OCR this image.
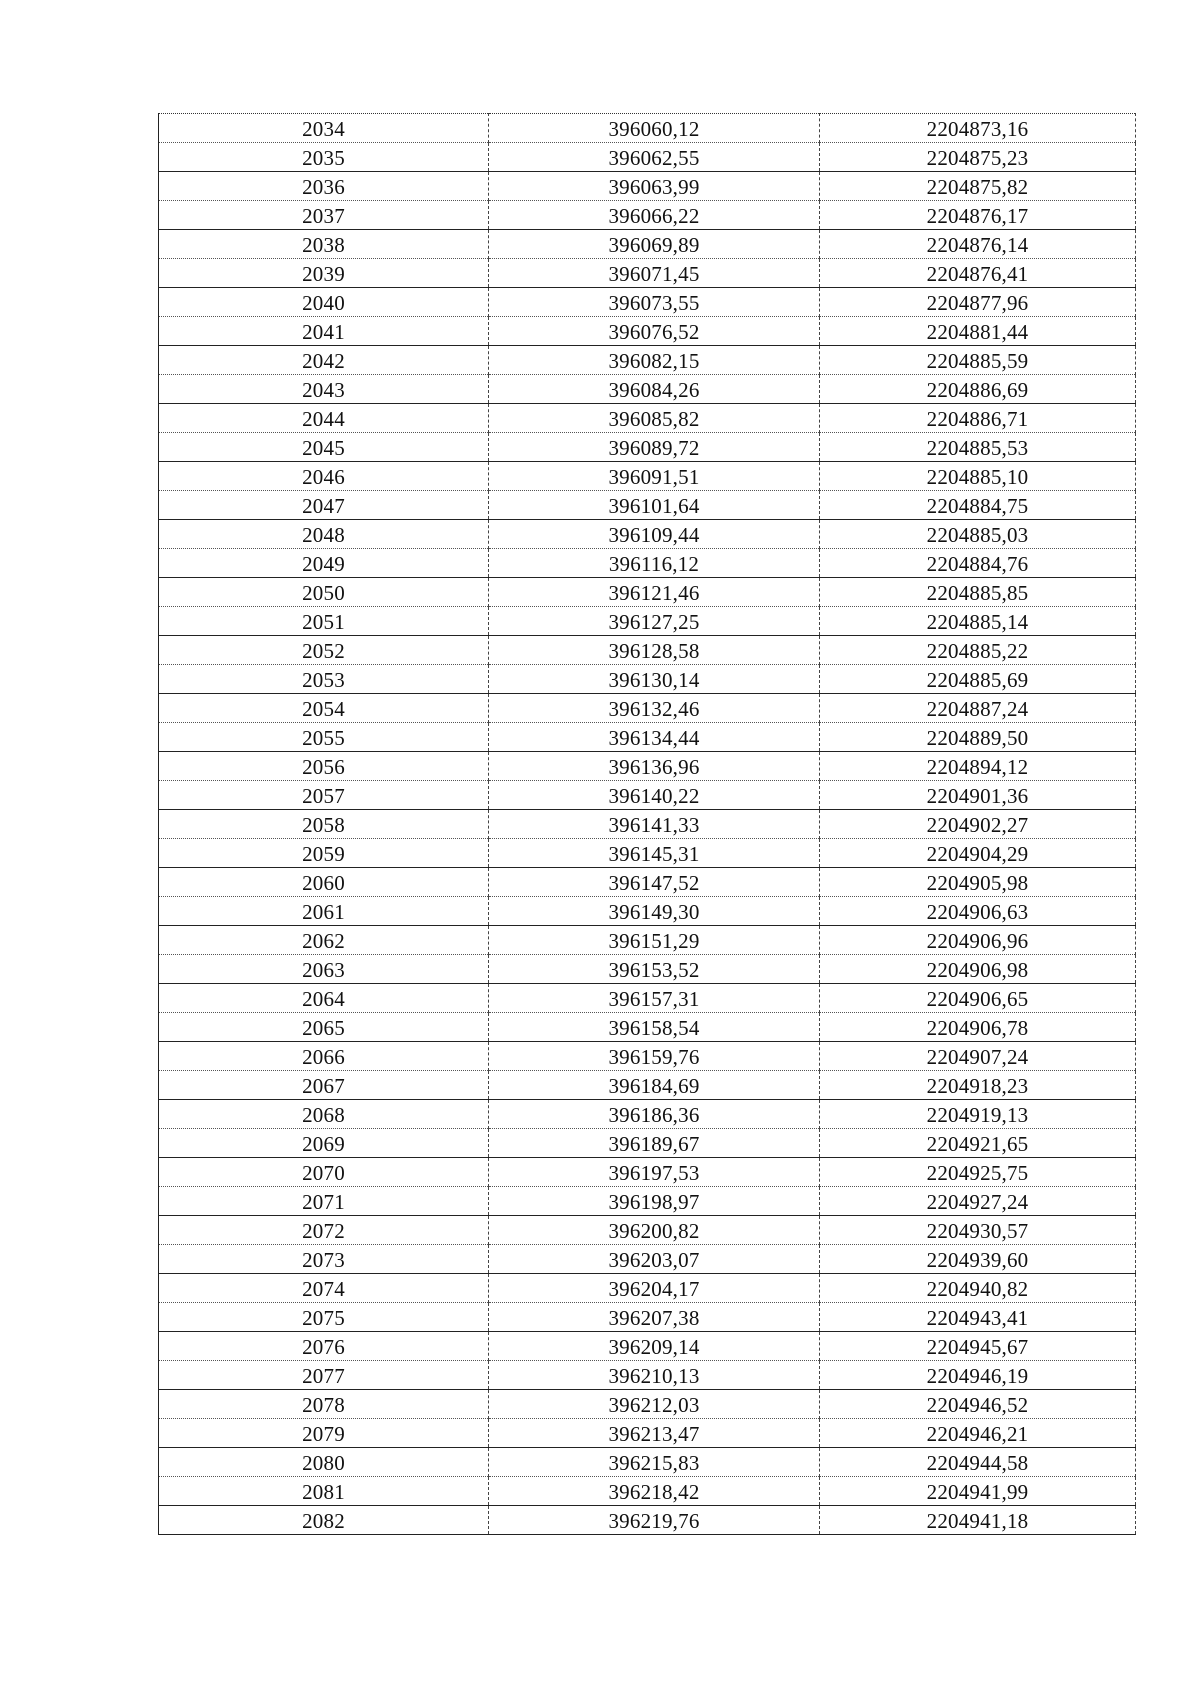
2034	396060,12	2204873,16
2035	396062,55	2204875,23
2036	396063,99	2204875,82
2037	396066,22	2204876,17
2038	396069,89	2204876,14
2039	396071,45	2204876,41
2040	396073,55	2204877,96
2041	396076,52	2204881,44
2042	396082,15	2204885,59
2043	396084,26	2204886,69
2044	396085,82	2204886,71
2045	396089,72	2204885,53
2046	396091,51	2204885,10
2047	396101,64	2204884,75
2048	396109,44	2204885,03
2049	396116,12	2204884,76
2050	396121,46	2204885,85
2051	396127,25	2204885,14
2052	396128,58	2204885,22
2053	396130,14	2204885,69
2054	396132,46	2204887,24
2055	396134,44	2204889,50
2056	396136,96	2204894,12
2057	396140,22	2204901,36
2058	396141,33	2204902,27
2059	396145,31	2204904,29
2060	396147,52	2204905,98
2061	396149,30	2204906,63
2062	396151,29	2204906,96
2063	396153,52	2204906,98
2064	396157,31	2204906,65
2065	396158,54	2204906,78
2066	396159,76	2204907,24
2067	396184,69	2204918,23
2068	396186,36	2204919,13
2069	396189,67	2204921,65
2070	396197,53	2204925,75
2071	396198,97	2204927,24
2072	396200,82	2204930,57
2073	396203,07	2204939,60
2074	396204,17	2204940,82
2075	396207,38	2204943,41
2076	396209,14	2204945,67
2077	396210,13	2204946,19
2078	396212,03	2204946,52
2079	396213,47	2204946,21
2080	396215,83	2204944,58
2081	396218,42	2204941,99
2082	396219,76	2204941,18
